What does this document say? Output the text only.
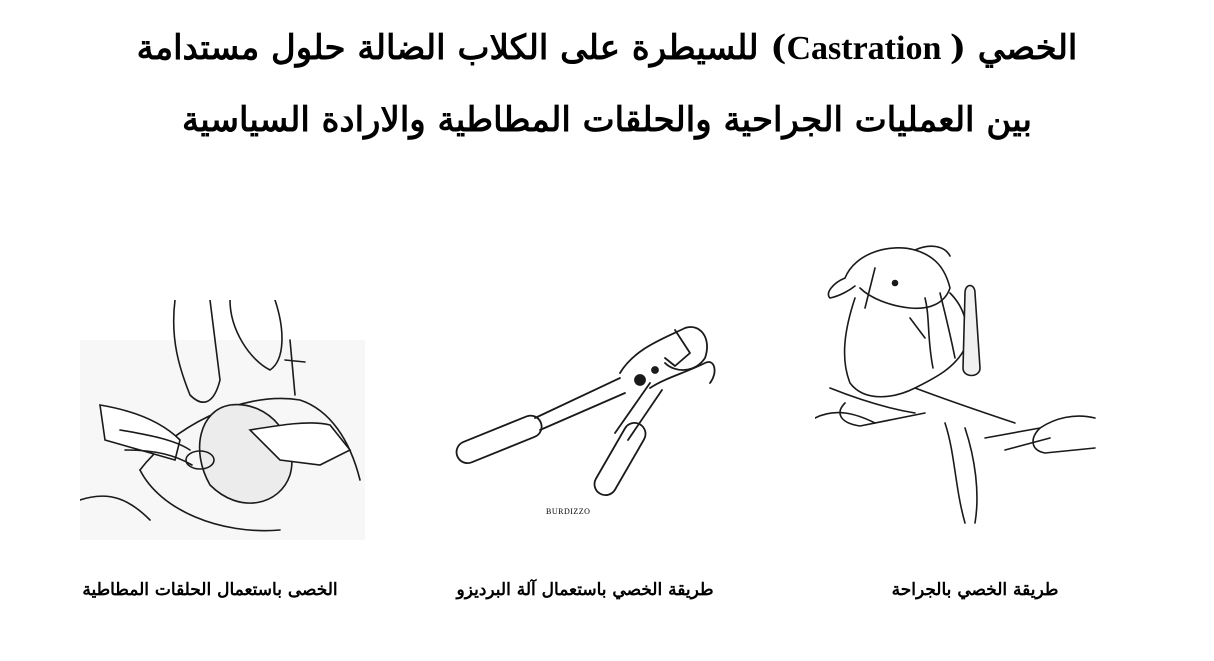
الخصي ( Castration) للسيطرة على الكلاب الضالة حلول مستدامة
بين العمليات الجراحية والحلقات المطاطية والارادة السياسية
BURDIZZO
الخصى باستعمال الحلقات المطاطية	طريقة الخصي باستعمال آلة البرديزو	طريقة الخصي بالجراحة
